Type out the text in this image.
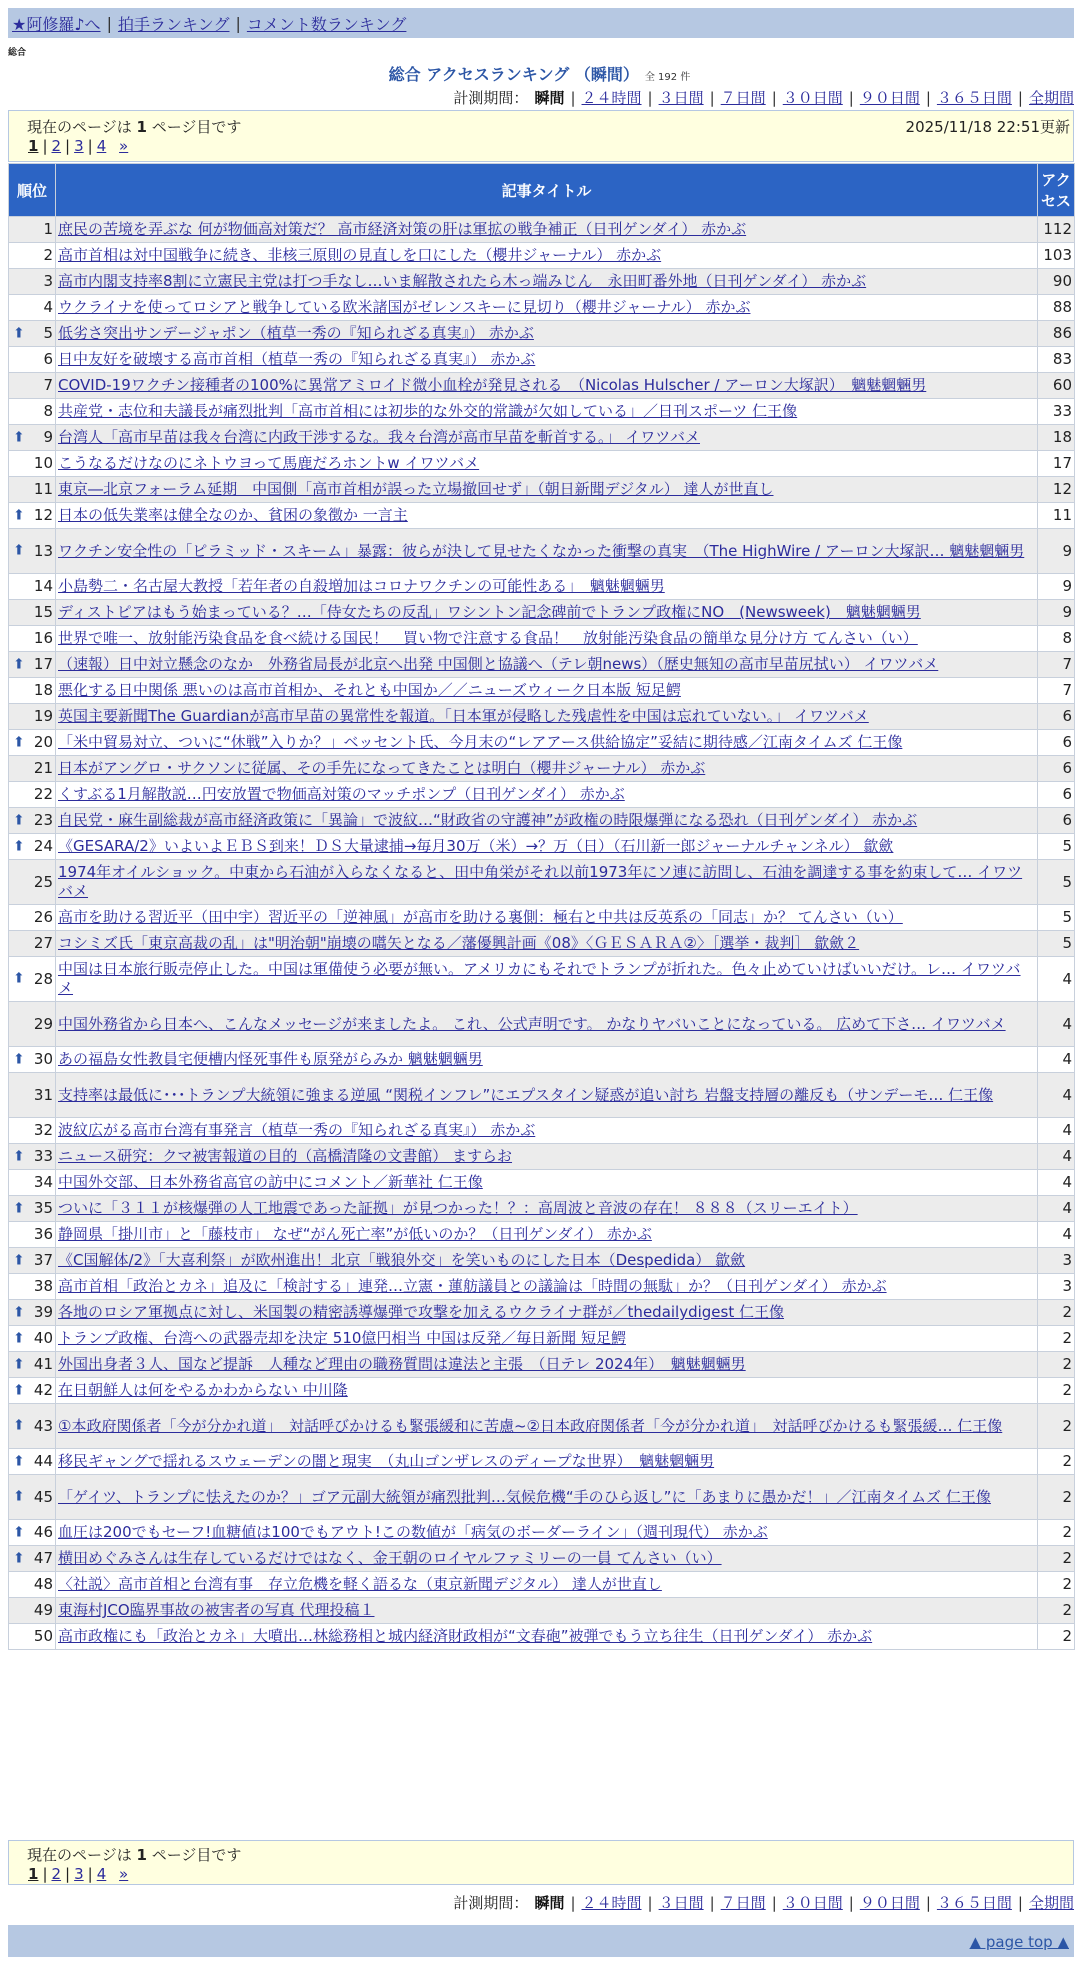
★阿修羅♪へ | 拍手ランキング | コメント数ランキング
総合
総合 アクセスランキング （瞬間） 全 192 件
計測期間： 瞬間 | ２４時間 | ３日間 | ７日間 | ３０日間 | ９０日間 | ３６５日間 | 全期間
現在のページは 1 ページ目です	2025/11/18 22:51更新
1 | 2 | 3 | 4 »
順位	記事タイトル	アクセス
1	庶民の苦境を弄ぶな 何が物価高対策だ？ 高市経済対策の肝は軍拡の戦争補正（日刊ゲンダイ） 赤かぶ	112
2	高市首相は対中国戦争に続き、非核三原則の見直しを口にした（櫻井ジャーナル） 赤かぶ	103
3	高市内閣支持率8割に立憲民主党は打つ手なし…いま解散されたら木っ端みじん　永田町番外地（日刊ゲンダイ） 赤かぶ	90
4	ウクライナを使ってロシアと戦争している欧米諸国がゼレンスキーに見切り（櫻井ジャーナル） 赤かぶ	88

⬆ 5	低劣さ突出サンデージャポン（植草一秀の『知られざる真実』） 赤かぶ	86
6	日中友好を破壊する高市首相（植草一秀の『知られざる真実』） 赤かぶ	83
7	COVID-19ワクチン接種者の100%に異常アミロイド微小血栓が発見される　（Nicolas Hulscher / アーロン大塚訳）　魑魅魍魎男	60
8	共産党・志位和夫議長が痛烈批判「高市首相には初歩的な外交的常識が欠如している」／日刊スポーツ 仁王像	33

⬆ 9	台湾人「高市早苗は我々台湾に内政干渉するな。我々台湾が高市早苗を斬首する。」 イワツバメ	18
10	こうなるだけなのにネトウヨって馬鹿だろホントw イワツバメ	17
11	東京―北京フォーラム延期　中国側「高市首相が誤った立場撤回せず」（朝日新聞デジタル） 達人が世直し	12

⬆ 12	日本の低失業率は健全なのか、貧困の象徴か 一言主	11

⬆ 13	ワクチン安全性の「ピラミッド・スキーム」暴露：彼らが決して見せたくなかった衝撃の真実　（The HighWire / アーロン大塚訳… 魑魅魍魎男	9
14	小島勢二・名古屋大教授「若年者の自殺増加はコロナワクチンの可能性ある」　魑魅魍魎男	9
15	ディストピアはもう始まっている？…「侍女たちの反乱」ワシントン記念碑前でトランプ政権にNO　(Newsweek)　魑魅魍魎男	9
16	世界で唯一、放射能汚染食品を食べ続ける国民！　買い物で注意する食品！　放射能汚染食品の簡単な見分け方 てんさい（い）	8

⬆ 17	（速報）日中対立懸念のなか　外務省局長が北京へ出発 中国側と協議へ（テレ朝news）（歴史無知の高市早苗尻拭い） イワツバメ	7
18	悪化する日中関係 悪いのは高市首相か、それとも中国か／／ニューズウィーク日本版 短足鰐	7
19	英国主要新聞The Guardianが高市早苗の異常性を報道。「日本軍が侵略した残虐性を中国は忘れていない。」 イワツバメ	6

⬆ 20	「米中貿易対立、ついに“休戦”入りか？」ベッセント氏、今月末の“レアアース供給協定”妥結に期待感／江南タイムズ 仁王像	6
21	日本がアングロ・サクソンに従属、その手先になってきたことは明白（櫻井ジャーナル） 赤かぶ	6
22	くすぶる1月解散説…円安放置で物価高対策のマッチポンプ（日刊ゲンダイ） 赤かぶ	6

⬆ 23	自民党・麻生副総裁が高市経済政策に「異論」で波紋…“財政省の守護神”が政権の時限爆弾になる恐れ（日刊ゲンダイ） 赤かぶ	6

⬆ 24	《GESARA/2》いよいよＥＢＳ到来！ＤＳ大量逮捕→毎月30万（米）→？万（日）（石川新一郎ジャーナルチャンネル） 歙歛	5
25	1974年オイルショック。中東から石油が入らなくなると、田中角栄がそれ以前1973年にソ連に訪問し、石油を調達する事を約束して… イワツバメ	5
26	高市を助ける習近平（田中宇）習近平の「逆神風」が高市を助ける裏側：極右と中共は反英系の「同志」か？ てんさい（い）	5
27	コシミズ氏「東京高裁の乱」は"明治朝"崩壊の嚆矢となる／藩優興計画《08》〈ＧＥＳＡＲＡ②〉［選挙・裁判］ 歙歛２	5

⬆ 28	中国は日本旅行販売停止した。中国は軍備使う必要が無い。アメリカにもそれでトランプが折れた。色々止めていけばいいだけ。レ… イワツバメ	4
29	中国外務省から日本へ、こんなメッセージが来ましたよ。 これ、公式声明です。 かなりヤバいことになっている。 広めて下さ… イワツバメ	4

⬆ 30	あの福島女性教員宅便槽内怪死事件も原発がらみか 魑魅魍魎男	4
31	支持率は最低に･･･トランプ大統領に強まる逆風 “関税インフレ”にエプスタイン疑惑が追い討ち 岩盤支持層の離反も（サンデーモ… 仁王像	4
32	波紋広がる高市台湾有事発言（植草一秀の『知られざる真実』） 赤かぶ	4

⬆ 33	ニュース研究：クマ被害報道の目的（高橋清隆の文書館） ますらお	4
34	中国外交部、日本外務省高官の訪中にコメント／新華社 仁王像	4

⬆ 35	ついに「３１１が核爆弾の人工地震であった証拠」が見つかった！？：高周波と音波の存在！ ８８８（スリーエイト）	4
36	静岡県「掛川市」と「藤枝市」 なぜ“がん死亡率”が低いのか？（日刊ゲンダイ） 赤かぶ	4

⬆ 37	《C国解体/2》「大喜利祭」が欧州進出！北京「戦狼外交」を笑いものにした日本（Despedida） 歙歛	3
38	高市首相「政治とカネ」追及に「検討する」連発…立憲・蓮舫議員との議論は「時間の無駄」か？（日刊ゲンダイ） 赤かぶ	3

⬆ 39	各地のロシア軍拠点に対し、米国製の精密誘導爆弾で攻撃を加えるウクライナ群が／thedailydigest 仁王像	2

⬆ 40	トランプ政権、台湾への武器売却を決定 510億円相当 中国は反発／毎日新聞 短足鰐	2

⬆ 41	外国出身者３人、国など提訴　人種など理由の職務質問は違法と主張　（日テレ 2024年）　魑魅魍魎男	2

⬆ 42	在日朝鮮人は何をやるかわからない 中川隆	2

⬆ 43	①本政府関係者「今が分かれ道」　対話呼びかけるも緊張緩和に苦慮~②日本政府関係者「今が分かれ道」　対話呼びかけるも緊張緩… 仁王像	2

⬆ 44	移民ギャングで揺れるスウェーデンの闇と現実　（丸山ゴンザレスのディープな世界）　魑魅魍魎男	2

⬆ 45	「ゲイツ、トランプに怯えたのか？」ゴア元副大統領が痛烈批判…気候危機“手のひら返し”に「あまりに愚かだ！」／江南タイムズ 仁王像	2

⬆ 46	血圧は200でもセーフ!血糖値は100でもアウト!この数値が「病気のボーダーライン」（週刊現代） 赤かぶ	2

⬆ 47	横田めぐみさんは生存しているだけではなく、金王朝のロイヤルファミリーの一員 てんさい（い）	2
48	〈社説〉高市首相と台湾有事　存立危機を軽く語るな（東京新聞デジタル） 達人が世直し	2
49	東海村JCO臨界事故の被害者の写真 代理投稿１	2
50	高市政権にも「政治とカネ」大噴出…林総務相と城内経済財政相が“文春砲”被弾でもう立ち往生（日刊ゲンダイ） 赤かぶ	2
現在のページは 1 ページ目です
1 | 2 | 3 | 4 »
計測期間： 瞬間 | ２４時間 | ３日間 | ７日間 | ３０日間 | ９０日間 | ３６５日間 | 全期間
▲ page top ▲
